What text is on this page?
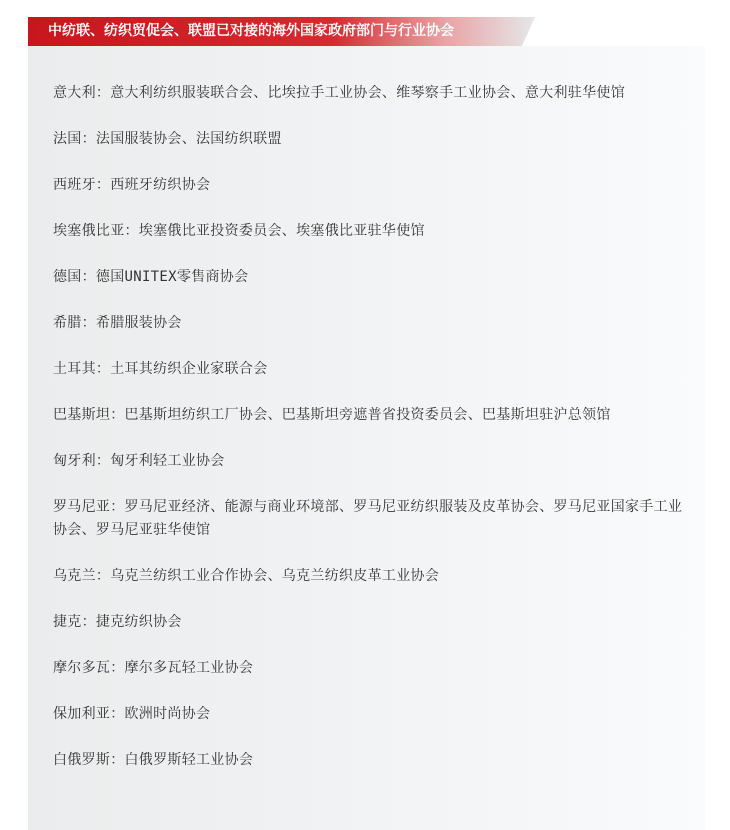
中纺联、纺织贸促会、联盟已对接的海外国家政府部门与行业协会
意大利：意大利纺织服装联合会、比埃拉手工业协会、维琴察手工业协会、意大利驻华使馆
法国：法国服装协会、法国纺织联盟
西班牙：西班牙纺织协会
埃塞俄比亚：埃塞俄比亚投资委员会、埃塞俄比亚驻华使馆
德国：德国UNITEX零售商协会
希腊：希腊服装协会
土耳其：土耳其纺织企业家联合会
巴基斯坦：巴基斯坦纺织工厂协会、巴基斯坦旁遮普省投资委员会、巴基斯坦驻沪总领馆
匈牙利：匈牙利轻工业协会
罗马尼亚：罗马尼亚经济、能源与商业环境部、罗马尼亚纺织服装及皮革协会、罗马尼亚国家手工业协会、罗马尼亚驻华使馆
乌克兰：乌克兰纺织工业合作协会、乌克兰纺织皮革工业协会
捷克：捷克纺织协会
摩尔多瓦：摩尔多瓦轻工业协会
保加利亚：欧洲时尚协会
白俄罗斯：白俄罗斯轻工业协会
